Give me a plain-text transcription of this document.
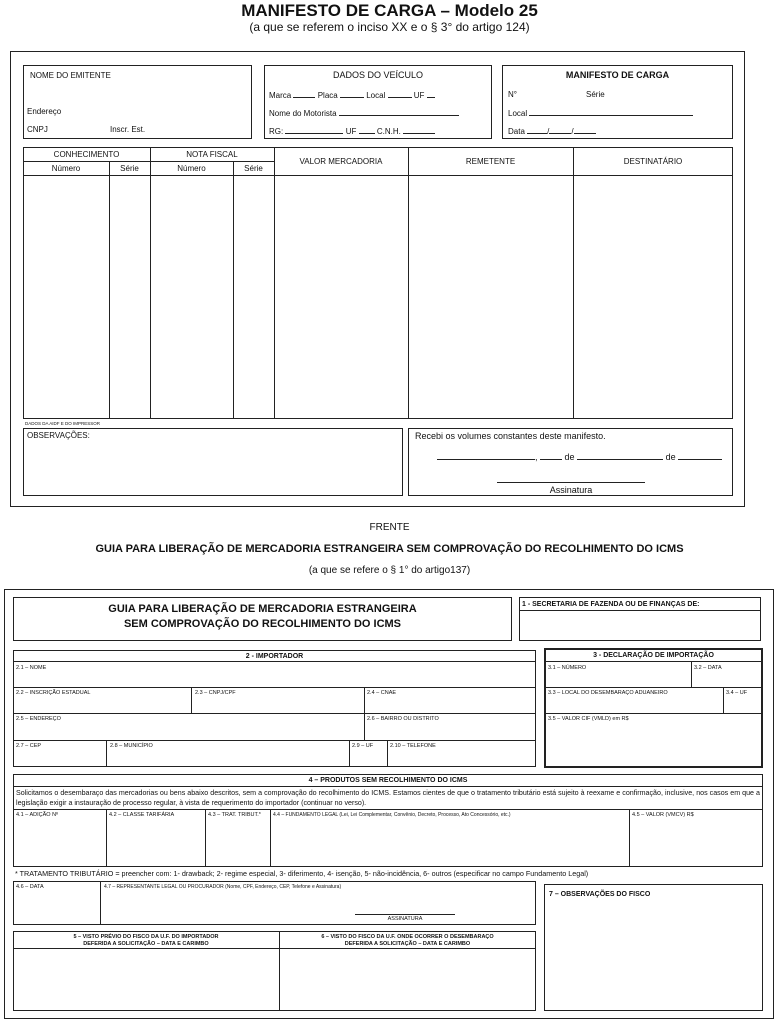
MANIFESTO DE CARGA – Modelo 25
(a que se referem o inciso XX e o § 3° do artigo 124)
NOME DO EMITENTE
Endereço
CNPJ	Inscr. Est.
DADOS DO VEÍCULO
Marca	Placa	Local	UF
Nome do Motorista
RG:	UF	C.N.H.
MANIFESTO DE CARGA
N°	Série
Local
Data	/	/
CONHECIMENTO	NOTA FISCAL
Número	Série	Número	Série
VALOR MERCADORIA	REMETENTE	DESTINATÁRIO
DADOS DA AIDF E DO IMPRESSOR
OBSERVAÇÕES:	Recebi os volumes constantes deste manifesto.
,	de	de
Assinatura
FRENTE
GUIA PARA LIBERAÇÃO DE MERCADORIA ESTRANGEIRA SEM COMPROVAÇÃO DO RECOLHIMENTO DO ICMS
(a que se refere o § 1° do artigo137)
GUIA PARA LIBERAÇÃO DE MERCADORIA ESTRANGEIRA
SEM COMPROVAÇÃO DO RECOLHIMENTO DO ICMS
1 - SECRETARIA DE FAZENDA OU DE FINANÇAS DE:
2 - IMPORTADOR
2.1 – NOME
2.2 – INSCRIÇÃO ESTADUAL	2.3 – CNPJ/CPF	2.4 – CNAE
2.5 – ENDEREÇO	2.6 – BAIRRO OU DISTRITO
2.7 – CEP	2.8 – MUNICÍPIO	2.9 – UF	2.10 – TELEFONE
3 - DECLARAÇÃO DE IMPORTAÇÃO
3.1 – NÚMERO	3.2 – DATA
3.3 – LOCAL DO DESEMBARAÇO ADUANEIRO	3.4 – UF
3.5 – VALOR CIF (VMLD) em R$
4 – PRODUTOS SEM RECOLHIMENTO DO ICMS
Solicitamos o desembaraço das mercadorias ou bens abaixo descritos, sem a comprovação do recolhimento do ICMS. Estamos cientes de que o tratamento tributário está sujeito à reexame e confirmação, inclusive, nos casos em que a legislação exigir a instauração de processo regular, à vista de requerimento do importador (continuar no verso).
4.1 – ADIÇÃO Nº	4.2 – CLASSE TARIFÁRIA	4.3 – TRAT. TRIBUT.* 4.4 – FUNDAMENTO LEGAL (Lei, Lei Complementar, Convênio, Decreto, Processo, Ato Concessório, etc.)	4.5 – VALOR (VMCV) R$
* TRATAMENTO TRIBUTÁRIO = preencher com: 1- drawback; 2- regime especial, 3- diferimento, 4- isenção, 5- não-incidência, 6- outros (especificar no campo Fundamento Legal)
4.6 – DATA	4.7 – REPRESENTANTE LEGAL OU PROCURADOR (Nome, CPF, Endereço, CEP, Telefone e Assinatura)
ASSINATURA
5 – VISTO PRÉVIO DO FISCO DA U.F. DO IMPORTADOR
DEFERIDA A SOLICITAÇÃO – DATA E CARIMBO
6 – VISTO DO FISCO DA U.F. ONDE OCORRER O DESEMBARAÇO
DEFERIDA A SOLICITAÇÃO – DATA E CARIMBO
7 – OBSERVAÇÕES DO FISCO
